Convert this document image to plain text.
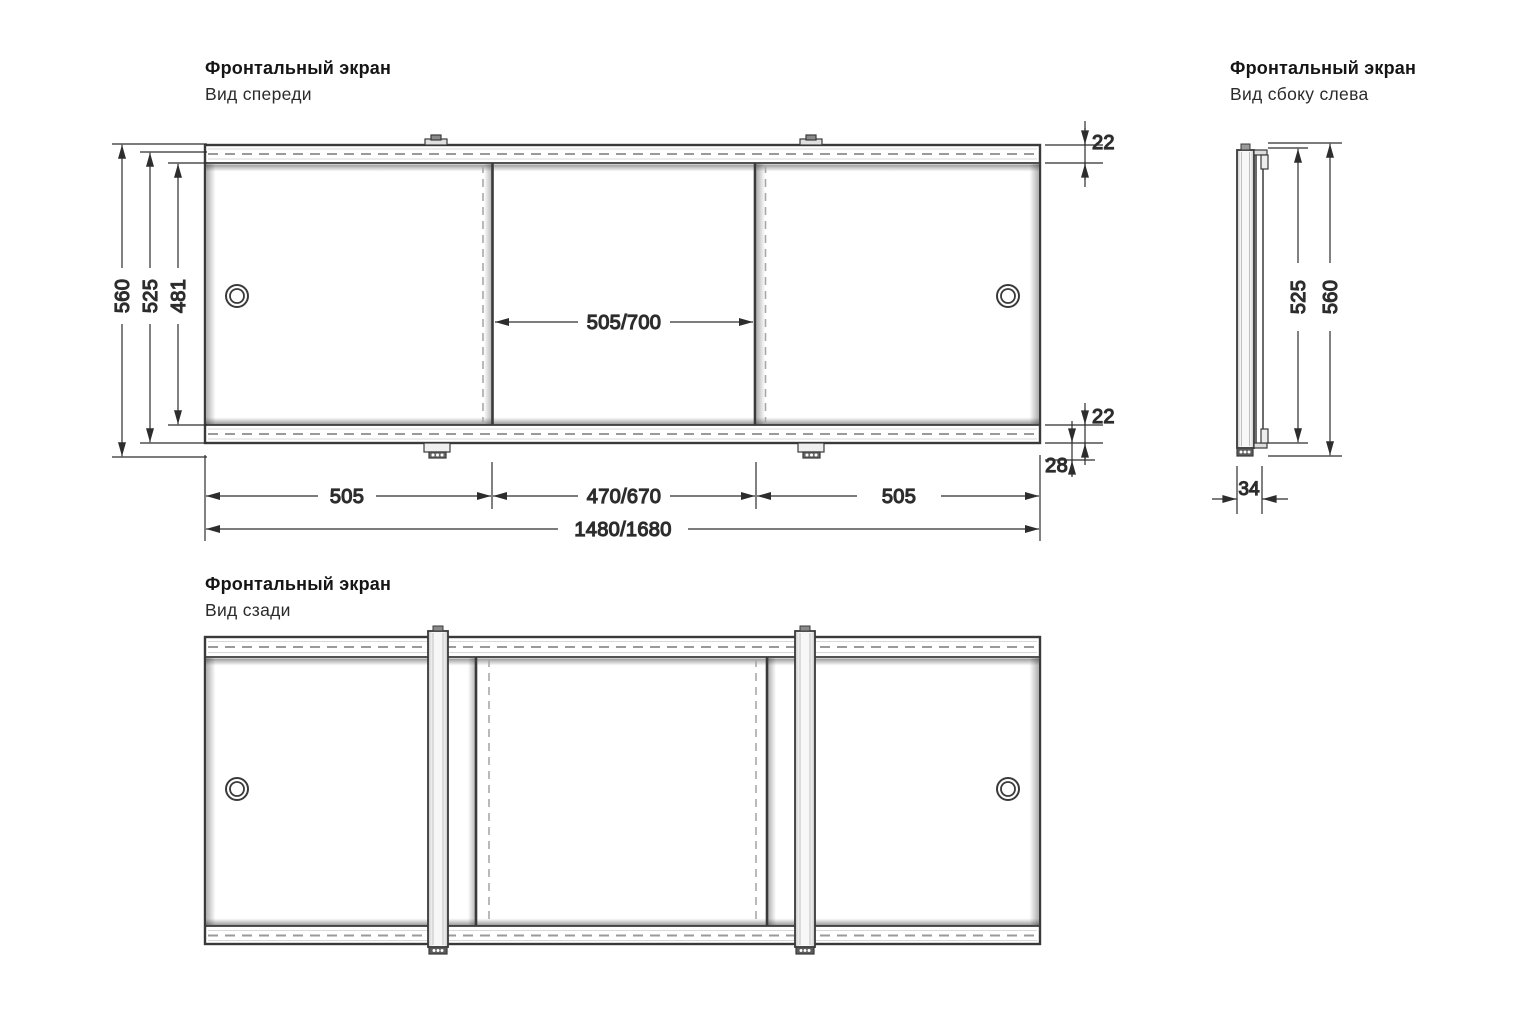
Фронтальный экран
Вид спереди
Фронтальный экран
Вид сбоку слева
Фронтальный экран
Вид сзади
560 525 481
22
22
28
505/700
505	470/670	505
1480/1680
525 560
34
